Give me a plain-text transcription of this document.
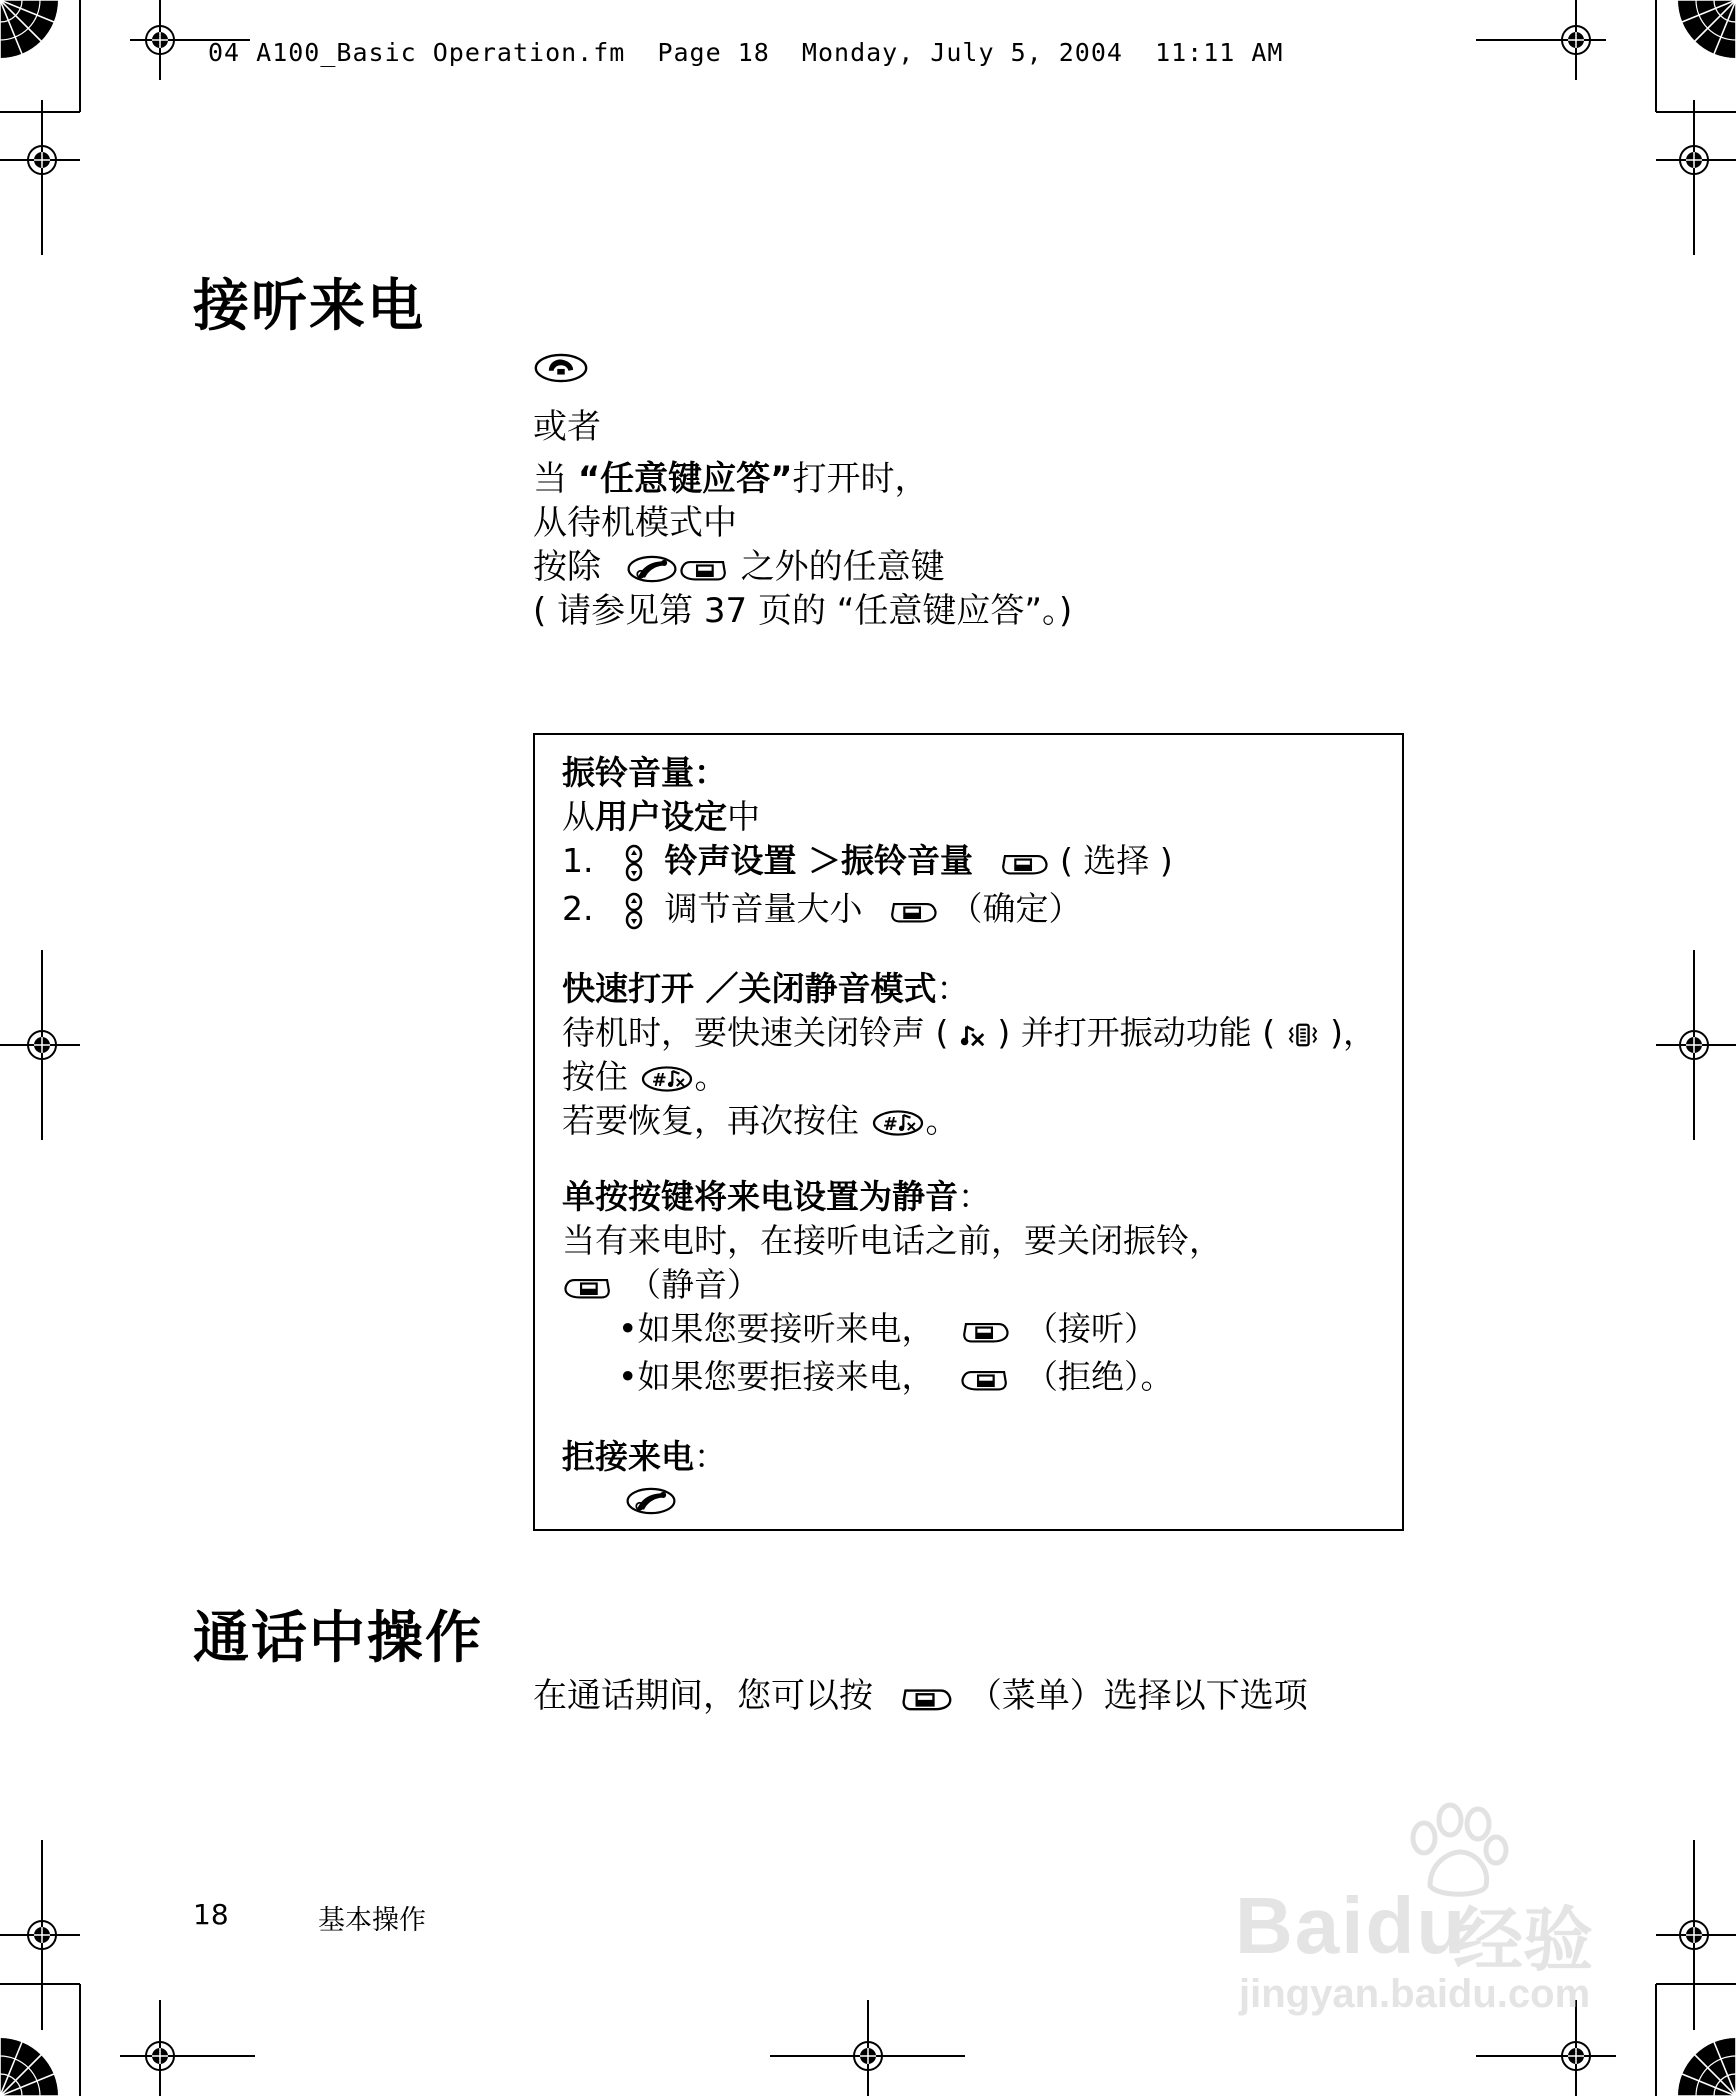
04 A100_Basic Operation.fm Page 18 Monday, July 5, 2004 11:11 AM
接听来电
或者
当 “任意键应答”打开时，
从待机模式中
按除	之外的任意键
( 请参见第 37 页的 “任意键应答”。)
振铃音量：
从用户设定中
1. 铃声设置 ＞振铃音量	( 选择 )
2. 调节音量大小	（确定）
快速打开 ／关闭静音模式：
待机时，要快速关闭铃声 ( ) 并打开振动功能 ( )，
按住 。
若要恢复，再次按住 。
单按按键将来电设置为静音：
当有来电时，在接听电话之前，要关闭振铃，
（静音）
•如果您要接听来电，	（接听）
•如果您要拒接来电，	（拒绝）。
拒接来电：
通话中操作
在通话期间，您可以按	（菜单）选择以下选项
18	基本操作	Baidu
经验
jingyan.baidu.com
